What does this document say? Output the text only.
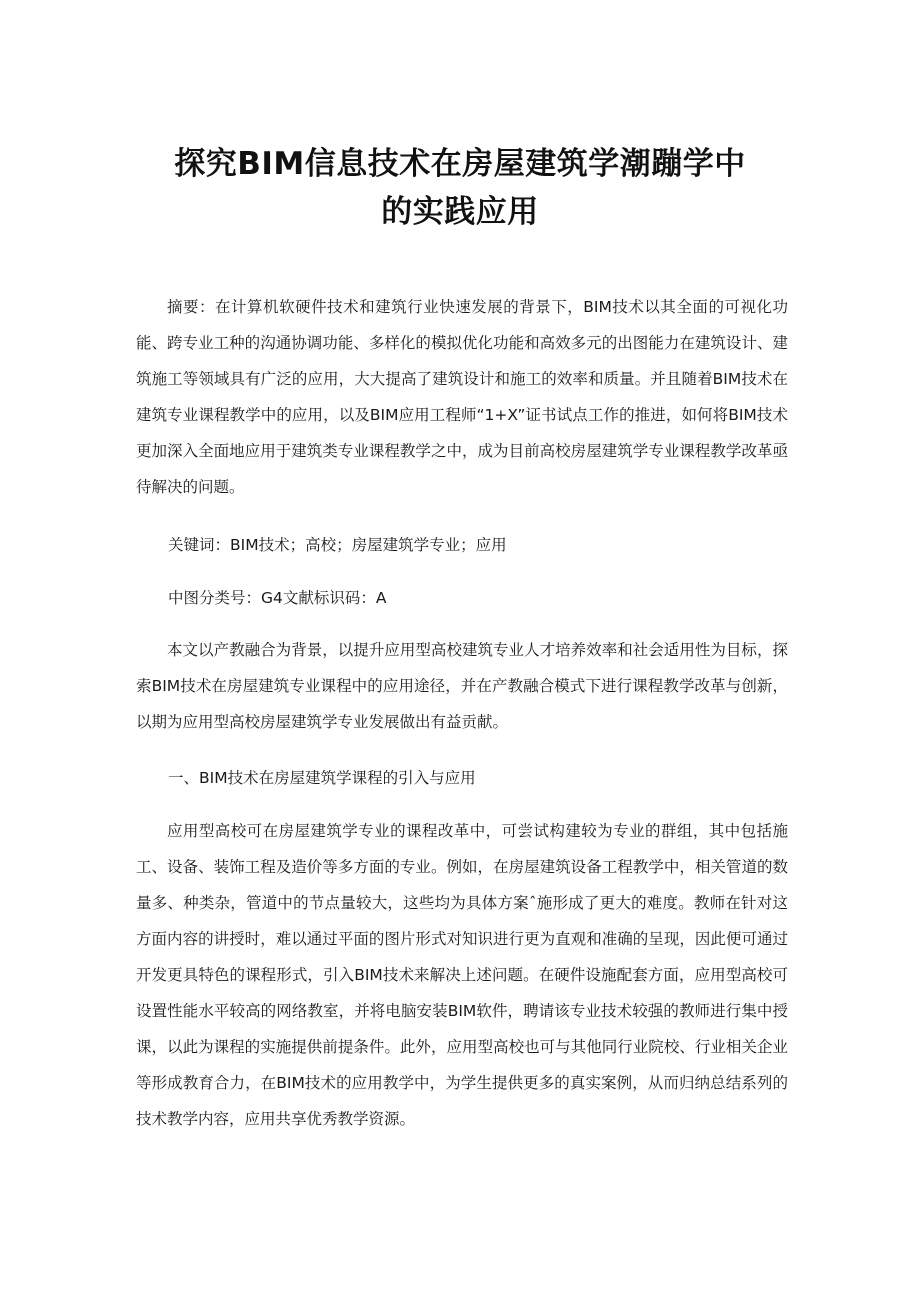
探究BIM信息技术在房屋建筑学潮蹦学中
的实践应用

摘要：在计算机软硬件技术和建筑行业快速发展的背景下，BIM技术以其全面的可视化功能、跨专业工种的沟通协调功能、多样化的模拟优化功能和高效多元的出图能力在建筑设计、建筑施工等领域具有广泛的应用，大大提高了建筑设计和施工的效率和质量。并且随着BIM技术在建筑专业课程教学中的应用，以及BIM应用工程师“1+X”证书试点工作的推进，如何将BIM技术更加深入全面地应用于建筑类专业课程教学之中，成为目前高校房屋建筑学专业课程教学改革亟待解决的问题。

关键词：BIM技术；高校；房屋建筑学专业；应用
中图分类号：G4文献标识码：A

本文以产教融合为背景，以提升应用型高校建筑专业人才培养效率和社会适用性为目标，探索BIM技术在房屋建筑专业课程中的应用途径，并在产教融合模式下进行课程教学改革与创新，以期为应用型高校房屋建筑学专业发展做出有益贡献。

一、BIM技术在房屋建筑学课程的引入与应用

应用型高校可在房屋建筑学专业的课程改革中，可尝试构建较为专业的群组，其中包括施工、设备、装饰工程及造价等多方面的专业。例如，在房屋建筑设备工程教学中，相关管道的数量多、种类杂，管道中的节点量较大，这些均为具体方案ˆ施形成了更大的难度。教师在针对这方面内容的讲授时，难以通过平面的图片形式对知识进行更为直观和准确的呈现，因此便可通过开发更具特色的课程形式，引入BIM技术来解决上述问题。在硬件设施配套方面，应用型高校可设置性能水平较高的网络教室，并将电脑安装BIM软件，聘请该专业技术较强的教师进行集中授课，以此为课程的实施提供前提条件。此外，应用型高校也可与其他同行业院校、行业相关企业等形成教育合力，在BIM技术的应用教学中，为学生提供更多的真实案例，从而归纳总结系列的技术教学内容，应用共享优秀教学资源。
